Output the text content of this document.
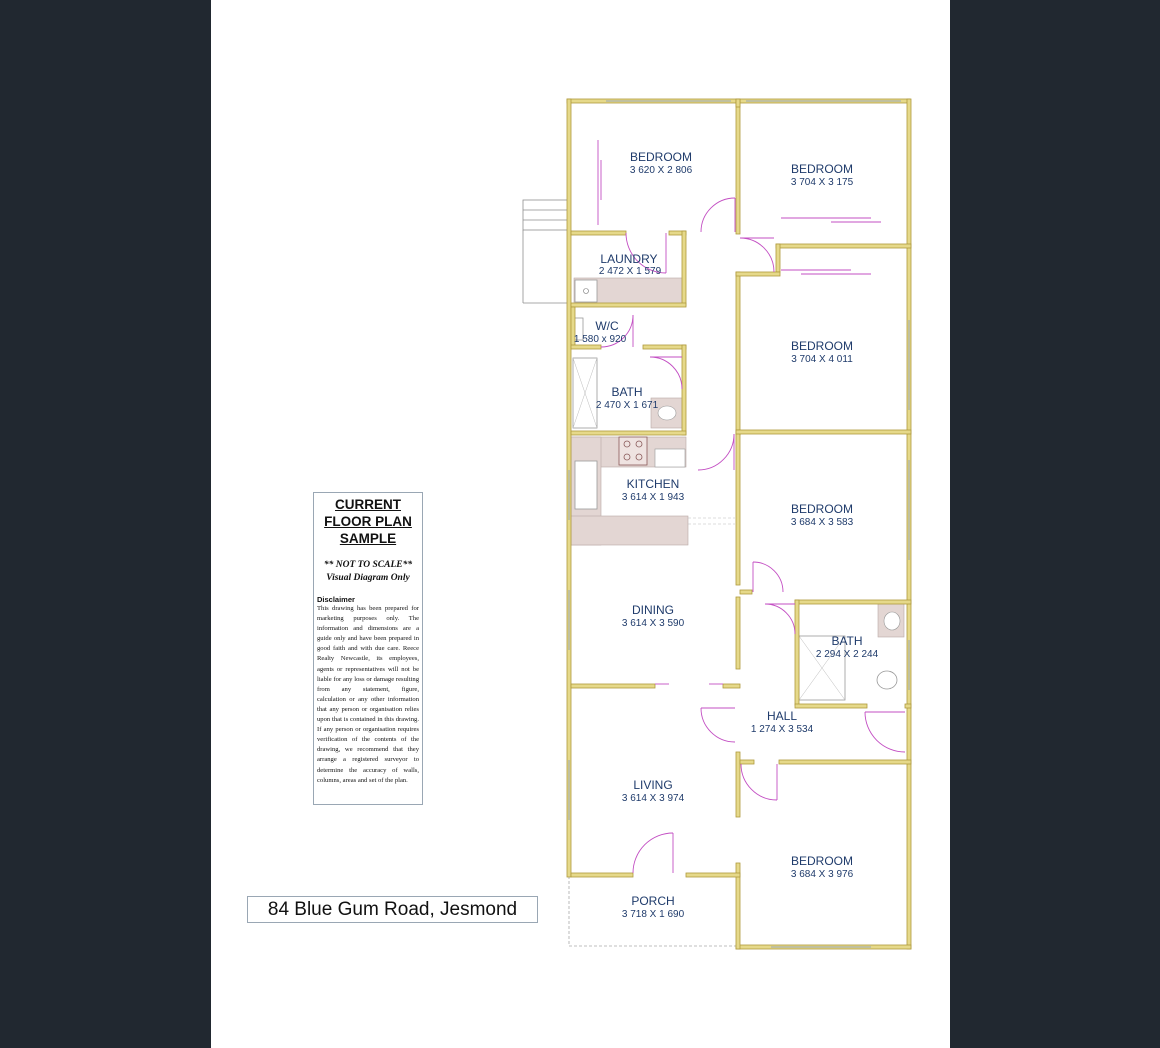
BEDROOM
3 620 X 2 806	BEDROOM
3 704 X 3 175
LAUNDRY
2 472 X 1 579
W/C
1 580 x 920	BEDROOM
3 704 X 4 011
BATH
2 470 X 1 671
KITCHEN
3 614 X 1 943
BEDROOM
3 684 X 3 583
DINING
3 614 X 3 590
BATH
2 294 X 2 244
HALL
1 274 X 3 534
LIVING
3 614 X 3 974
BEDROOM
3 684 X 3 976
PORCH
3 718 X 1 690
CURRENT
FLOOR PLAN
SAMPLE
** NOT TO SCALE**
Visual Diagram Only
Disclaimer
This drawing has been prepared for marketing purposes only. The information and dimensions are a guide only and have been prepared in good faith and with due care. Reece Realty Newcastle, its employees, agents or representatives will not be liable for any loss or damage resulting from any statement, figure, calculation or any other information that any person or organisation relies upon that is contained in this drawing. If any person or organisation requires verification of the contents of the drawing, we recommend that they arrange a registered surveyor to determine the accuracy of walls, columns, areas and set of the plan.
84 Blue Gum Road, Jesmond
